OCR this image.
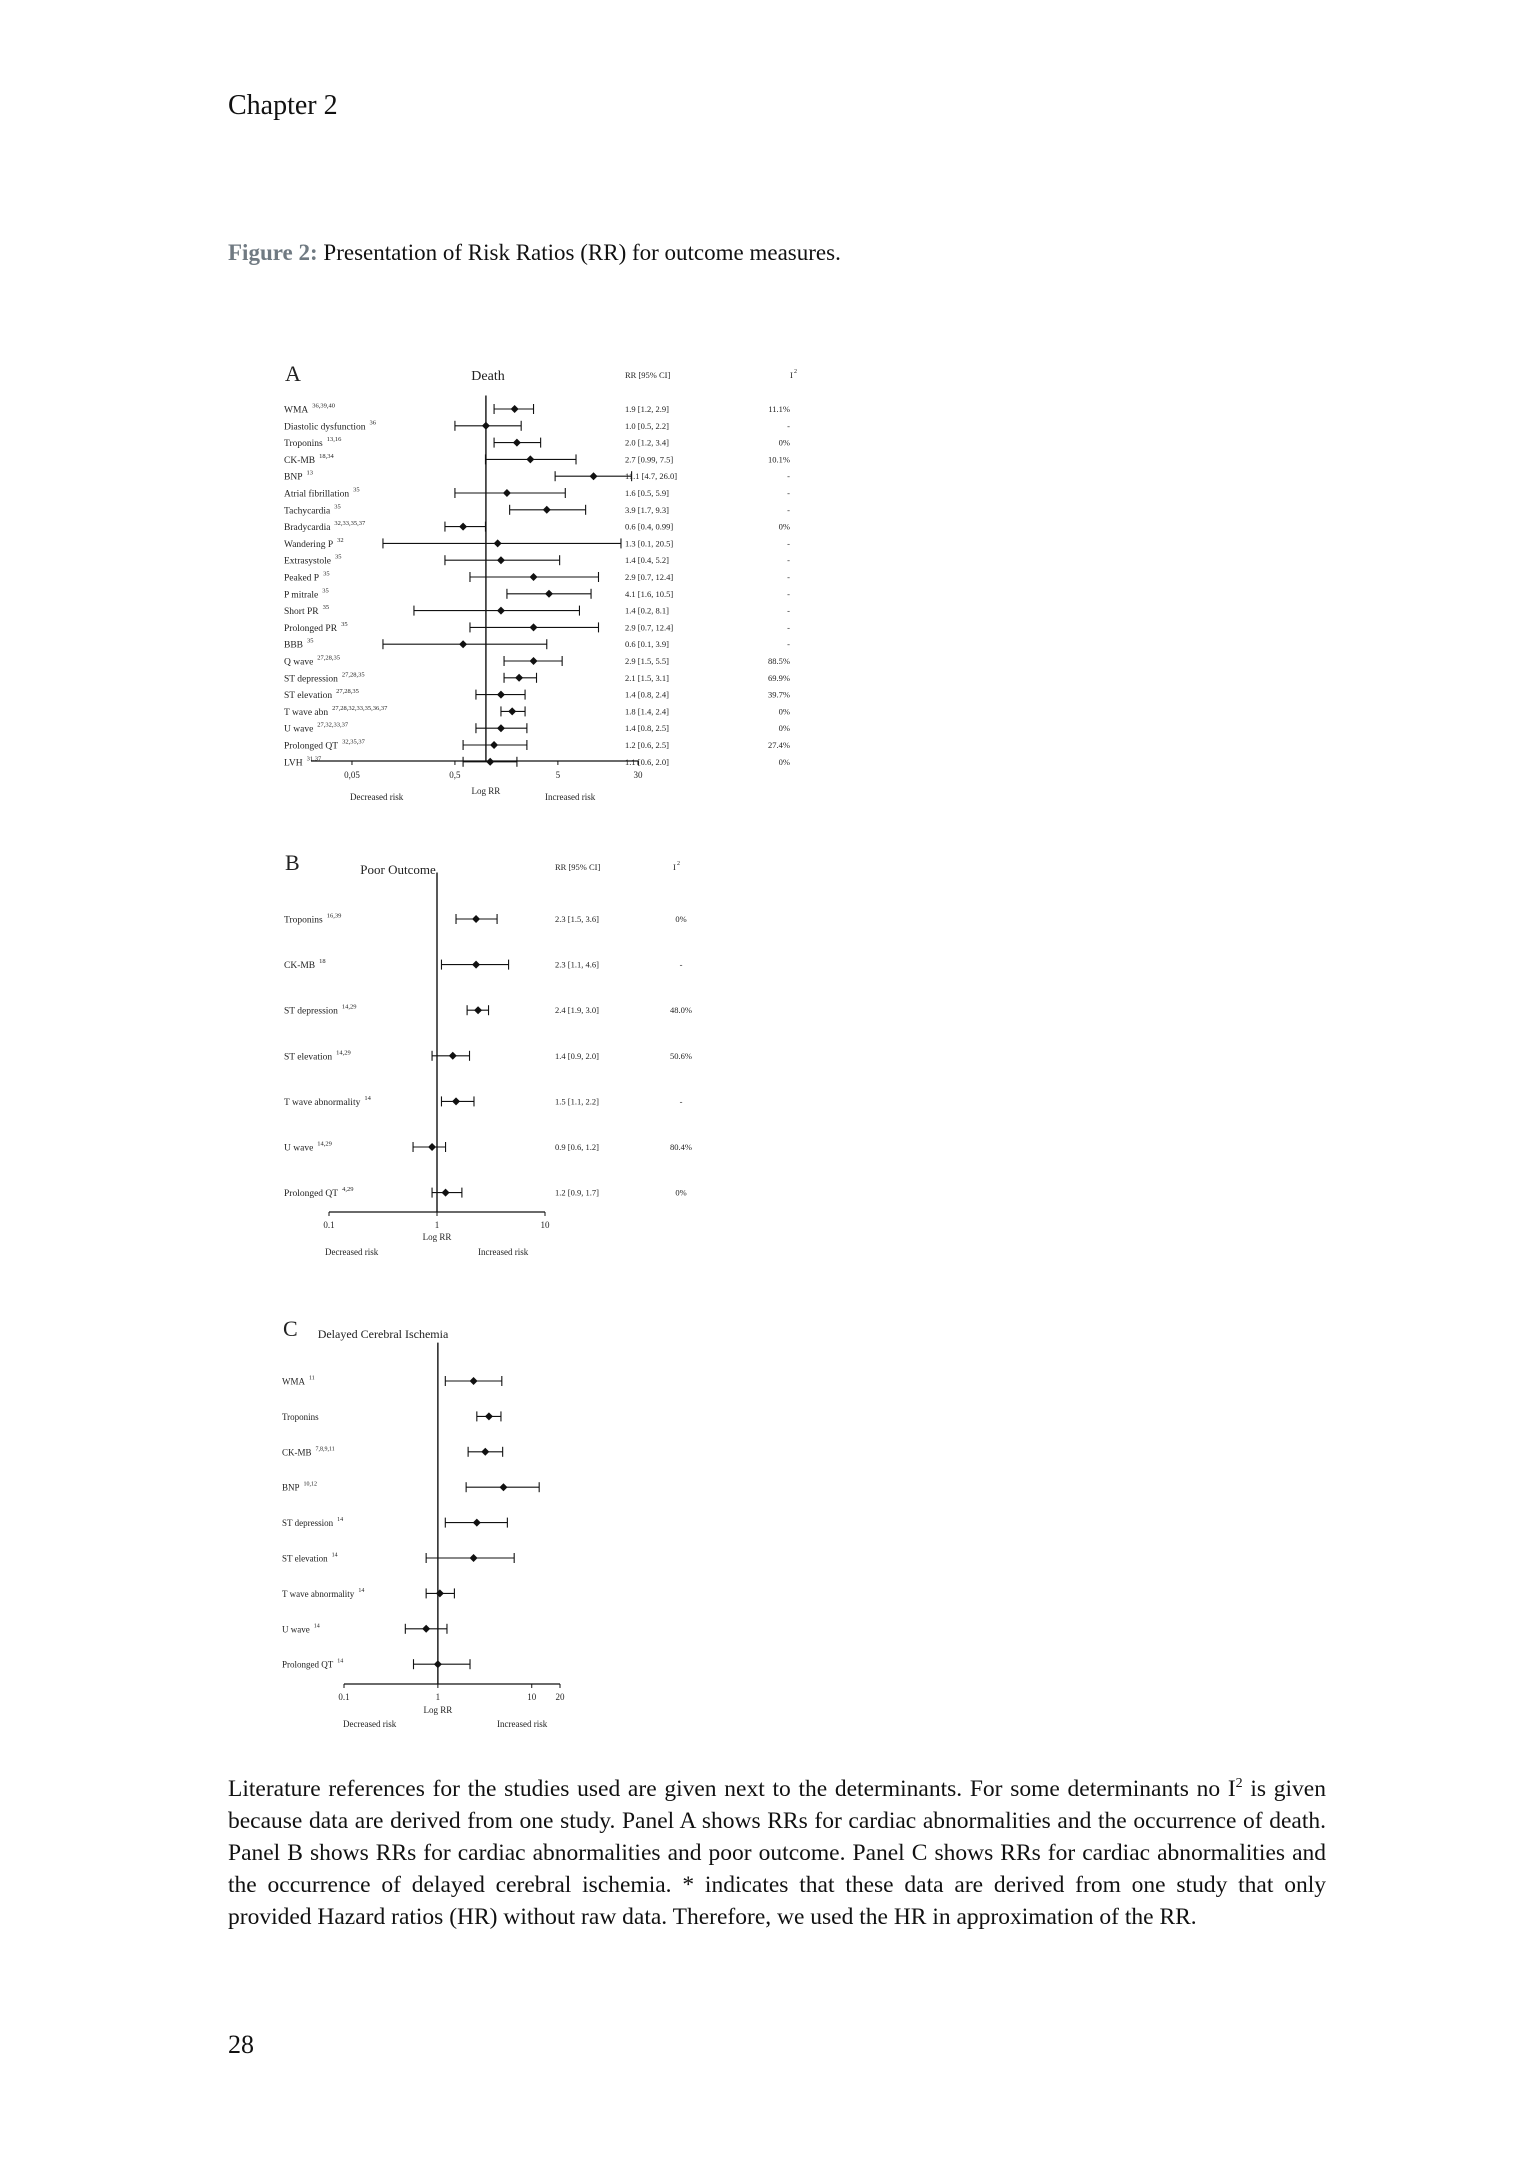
Chapter 2
Figure 2: Presentation of Risk Ratios (RR) for outcome measures.
A	Death	RR [95% CI]	I 2
0,05	0,5	5	30
Log RR
Decreased risk	Increased risk
WMA 36,39,40	1.9 [1.2, 2.9]	11.1%
Diastolic dysfunction 36	1.0 [0.5, 2.2]	-
Troponins 13,16	2.0 [1.2, 3.4]	0%
CK-MB 18,34	2.7 [0.99, 7.5]	10.1%
BNP 13	11.1 [4.7, 26.0]	-
Atrial fibrillation 35	1.6 [0.5, 5.9]	-
Tachycardia 35	3.9 [1.7, 9.3]	-
Bradycardia 32,33,35,37	0.6 [0.4, 0.99]	0%
Wandering P 32	1.3 [0.1, 20.5]	-
Extrasystole 35	1.4 [0.4, 5.2]	-
Peaked P 35	2.9 [0.7, 12.4]	-
P mitrale 35	4.1 [1.6, 10.5]	-
Short PR 35	1.4 [0.2, 8.1]	-
Prolonged PR 35	2.9 [0.7, 12.4]	-
BBB 35	0.6 [0.1, 3.9]	-
Q wave 27,28,35	2.9 [1.5, 5.5]	88.5%
ST depression 27,28,35	2.1 [1.5, 3.1]	69.9%
ST elevation 27,28,35	1.4 [0.8, 2.4]	39.7%
T wave abn 27,28,32,33,35,36,37	1.8 [1.4, 2.4]	0%
U wave 27,32,33,37	1.4 [0.8, 2.5]	0%
Prolonged QT 32,35,37	1.2 [0.6, 2.5]	27.4%
LVH 31,37	1.1 [0.6, 2.0]	0%
B	Poor Outcome	RR [95% CI]	I 2
0.1	1	10
Log RR
Decreased risk	Increased risk
Troponins 16,39	2.3 [1.5, 3.6]	0%
CK-MB 18	2.3 [1.1, 4.6]	-
ST depression 14,29	2.4 [1.9, 3.0]	48.0%
ST elevation 14,29	1.4 [0.9, 2.0]	50.6%
T wave abnormality 14	1.5 [1.1, 2.2]	-
U wave 14,29	0.9 [0.6, 1.2]	80.4%
Prolonged QT 4,29	1.2 [0.9, 1.7]	0%
C Delayed Cerebral Ischemia
0.1	1	10 20
Log RR
Decreased risk	Increased risk
WMA 11
Troponins
CK-MB 7,8,9,11
BNP 10,12
ST depression 14
ST elevation 14
T wave abnormality 14
U wave 14
Prolonged QT 14
Literature references for the studies used are given next to the determinants. For some determinants no $I^2$ is given because data are derived from one study. Panel A shows RRs for cardiac abnormalities and the occurrence of death. Panel B shows RRs for cardiac abnormalities and poor outcome. Panel C shows RRs for cardiac abnormalities and the occurrence of delayed cerebral ischemia. * indicates that these data are derived from one study that only provided Hazard ratios (HR) without raw data. Therefore, we used the HR in approximation of the RR.
28
